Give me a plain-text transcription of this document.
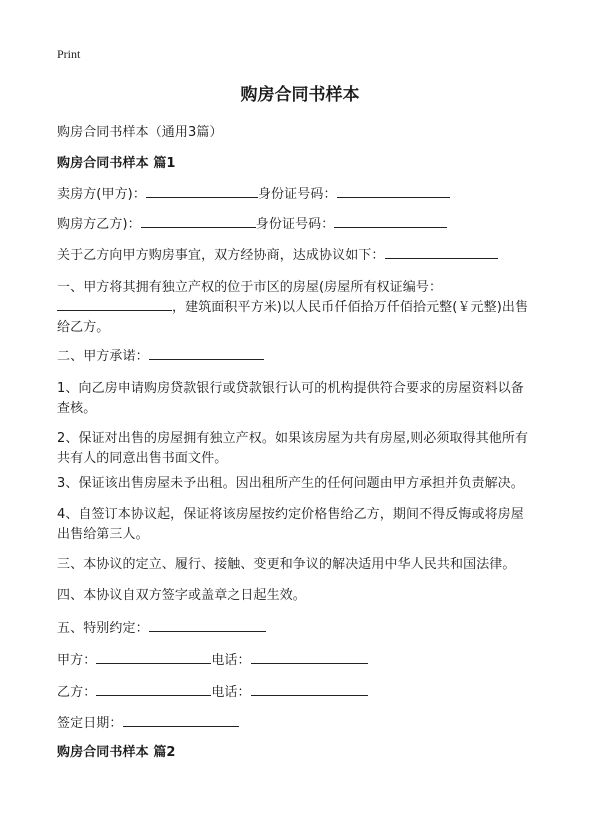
Print
购房合同书样本
购房合同书样本（通用3篇）
购房合同书样本 篇1
卖房方(甲方)：	身份证号码：
购房方乙方)：	身份证号码：
关于乙方向甲方购房事宜，双方经协商，达成协议如下：
一、甲方将其拥有独立产权的位于市区的房屋(房屋所有权证编号：
，建筑面积平方米)以人民币仟佰拾万仟佰拾元整(￥元整)出售
给乙方。
二、甲方承诺：
1、向乙房申请购房贷款银行或贷款银行认可的机构提供符合要求的房屋资料以备
查核。
2、保证对出售的房屋拥有独立产权。如果该房屋为共有房屋,则必须取得其他所有
共有人的同意出售书面文件。
3、保证该出售房屋未予出租。因出租所产生的任何问题由甲方承担并负责解决。
4、自签订本协议起，保证将该房屋按约定价格售给乙方，期间不得反悔或将房屋
出售给第三人。
三、本协议的定立、履行、接触、变更和争议的解决适用中华人民共和国法律。
四、本协议自双方签字或盖章之日起生效。
五、特别约定：
甲方：	电话：
乙方：	电话：
签定日期：
购房合同书样本 篇2
